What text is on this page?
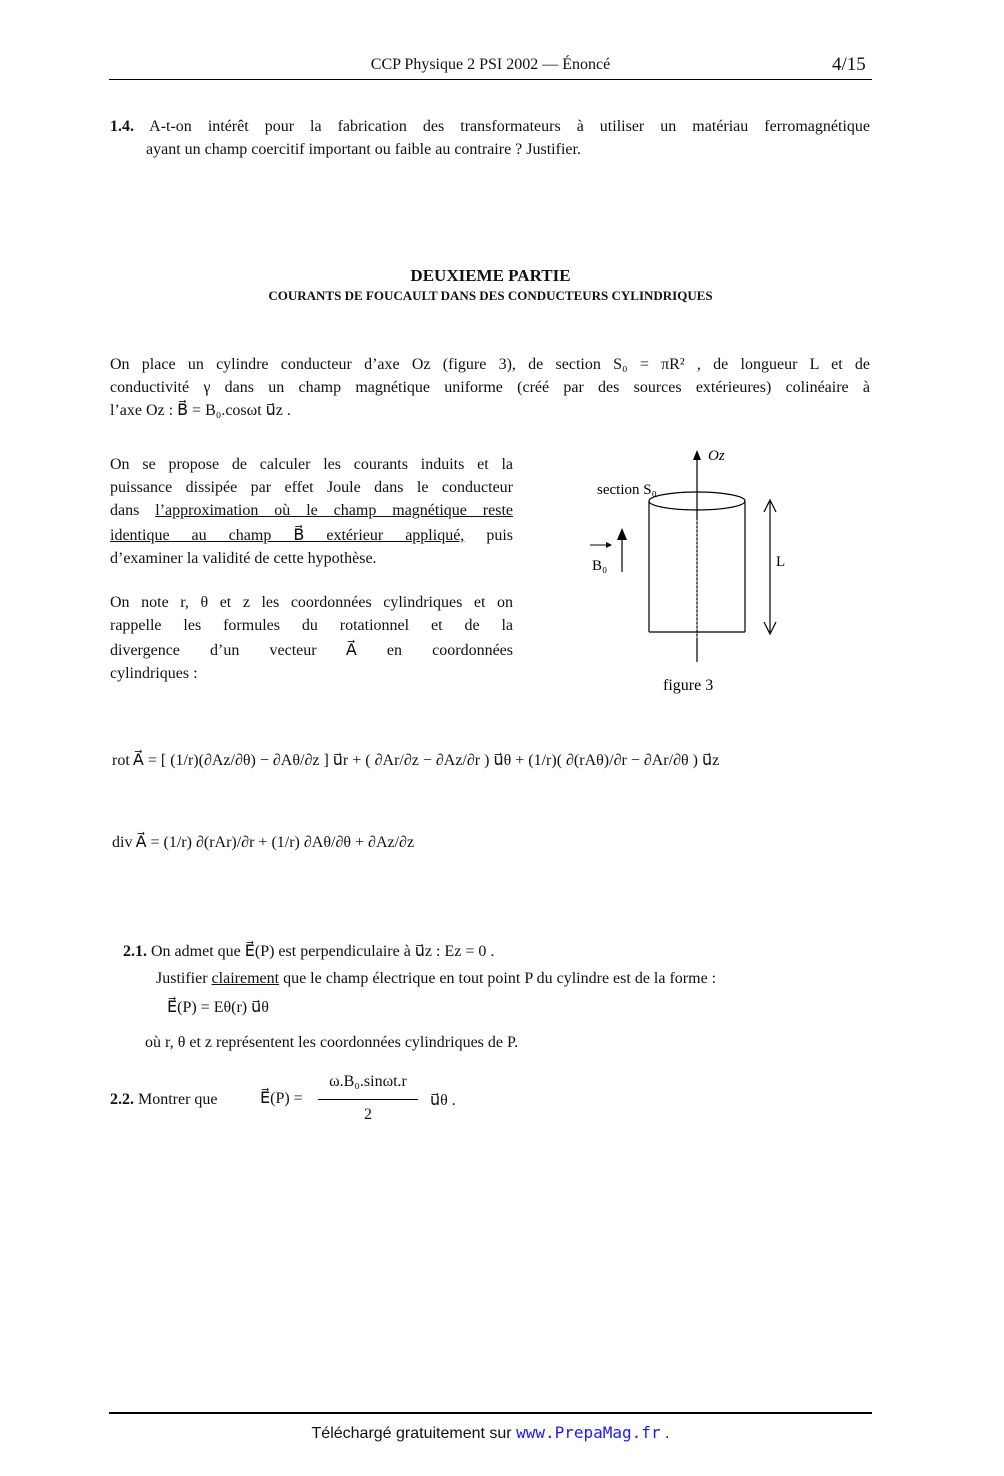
CCP Physique 2 PSI 2002 — Énoncé	4/15
1.4. A-t-on intérêt pour la fabrication des transformateurs à utiliser un matériau ferromagnétique
ayant un champ coercitif important ou faible au contraire ? Justifier.
DEUXIEME PARTIE
COURANTS DE FOUCAULT DANS DES CONDUCTEURS CYLINDRIQUES
On place un cylindre conducteur d’axe Oz (figure 3), de section S₀ = πR² , de longueur L et de
conductivité γ dans un champ magnétique uniforme (créé par des sources extérieures) colinéaire à
l’axe Oz : B⃗ = B₀.cosωt u⃗z .
On se propose de calculer les courants induits et la
puissance dissipée par effet Joule dans le conducteur
dans l’approximation où le champ magnétique reste
identique au champ B⃗ extérieur appliqué, puis
d’examiner la validité de cette hypothèse.
On note r, θ et z les coordonnées cylindriques et on
rappelle les formules du rotationnel et de la
divergence d’un vecteur A⃗ en coordonnées
cylindriques :
Oz
section S₀
B₀	L
figure 3
rot A⃗ = [ (1/r)(∂Az/∂θ) − ∂Aθ/∂z ] u⃗r + ( ∂Ar/∂z − ∂Az/∂r ) u⃗θ + (1/r)( ∂(rAθ)/∂r − ∂Ar/∂θ ) u⃗z
div A⃗ = (1/r) ∂(rAr)/∂r + (1/r) ∂Aθ/∂θ + ∂Az/∂z
2.1. On admet que E⃗(P) est perpendiculaire à u⃗z : Ez = 0 .
Justifier clairement que le champ électrique en tout point P du cylindre est de la forme :
E⃗(P) = Eθ(r) u⃗θ
où r, θ et z représentent les coordonnées cylindriques de P.
2.2. Montrer que	E⃗(P) =
ω.B₀.sinωt.r
2
u⃗θ .
Téléchargé gratuitement sur www.PrepaMag.fr .
